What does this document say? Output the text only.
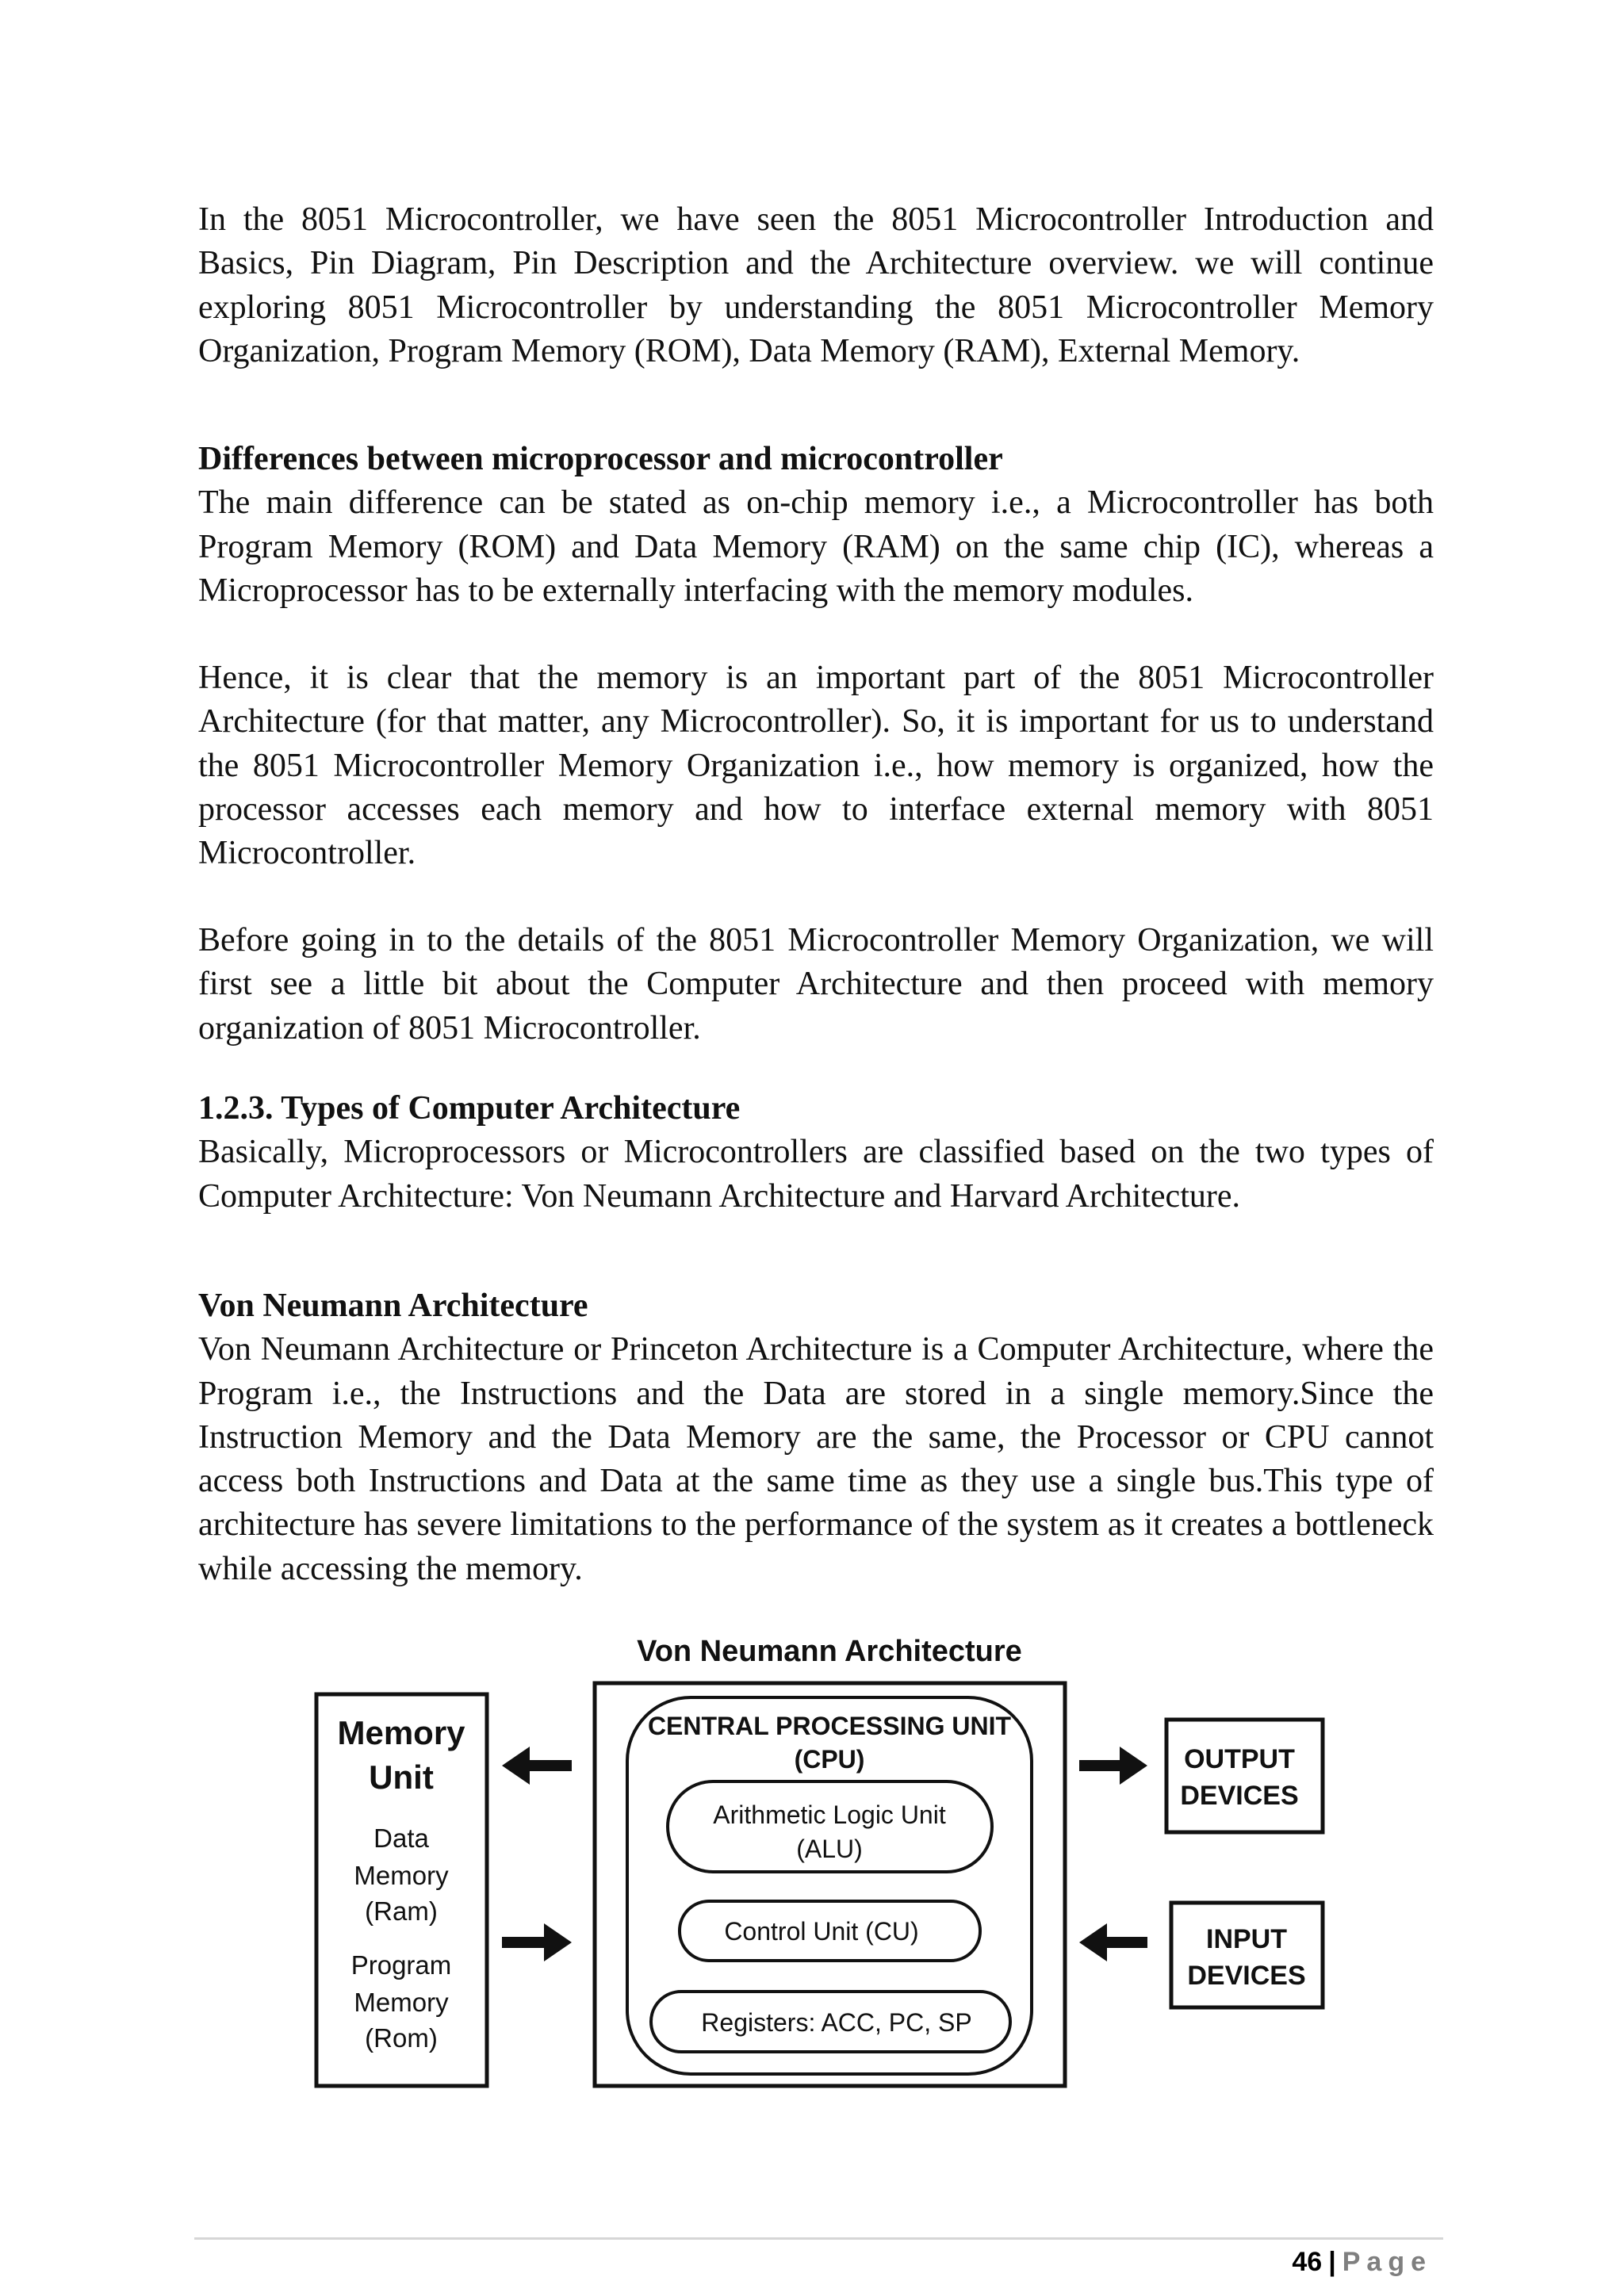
In the 8051 Microcontroller, we have seen the 8051 Microcontroller Introduction and Basics, Pin Diagram, Pin Description and the Architecture overview. we will continue exploring 8051 Microcontroller by understanding the 8051 Microcontroller Memory Organization, Program Memory (ROM), Data Memory (RAM), External Memory.

Differences between microprocessor and microcontroller

The main difference can be stated as on-chip memory i.e., a Microcontroller has both Program Memory (ROM) and Data Memory (RAM) on the same chip (IC), whereas a Microprocessor has to be externally interfacing with the memory modules.

Hence, it is clear that the memory is an important part of the 8051 Microcontroller Architecture (for that matter, any Microcontroller). So, it is important for us to understand the 8051 Microcontroller Memory Organization i.e., how memory is organized, how the processor accesses each memory and how to interface external memory with 8051 Microcontroller.

Before going in to the details of the 8051 Microcontroller Memory Organization, we will first see a little bit about the Computer Architecture and then proceed with memory organization of 8051 Microcontroller.

1.2.3. Types of Computer Architecture

Basically, Microprocessors or Microcontrollers are classified based on the two types of Computer Architecture: Von Neumann Architecture and Harvard Architecture.

Von Neumann Architecture

Von Neumann Architecture or Princeton Architecture is a Computer Architecture, where the Program i.e., the Instructions and the Data are stored in a single memory.Since the Instruction Memory and the Data Memory are the same, the Processor or CPU cannot access both Instructions and Data at the same time as they use a single bus.This type of architecture has severe limitations to the performance of the system as it creates a bottleneck while accessing the memory.

Von Neumann Architecture
Memory
Unit
Data
Memory
(Ram)
Program
Memory
(Rom)
CENTRAL PROCESSING UNIT
(CPU)
Arithmetic Logic Unit
(ALU)
Control Unit (CU)
Registers: ACC, PC, SP
OUTPUT
DEVICES
INPUT
DEVICES
46 | Page
